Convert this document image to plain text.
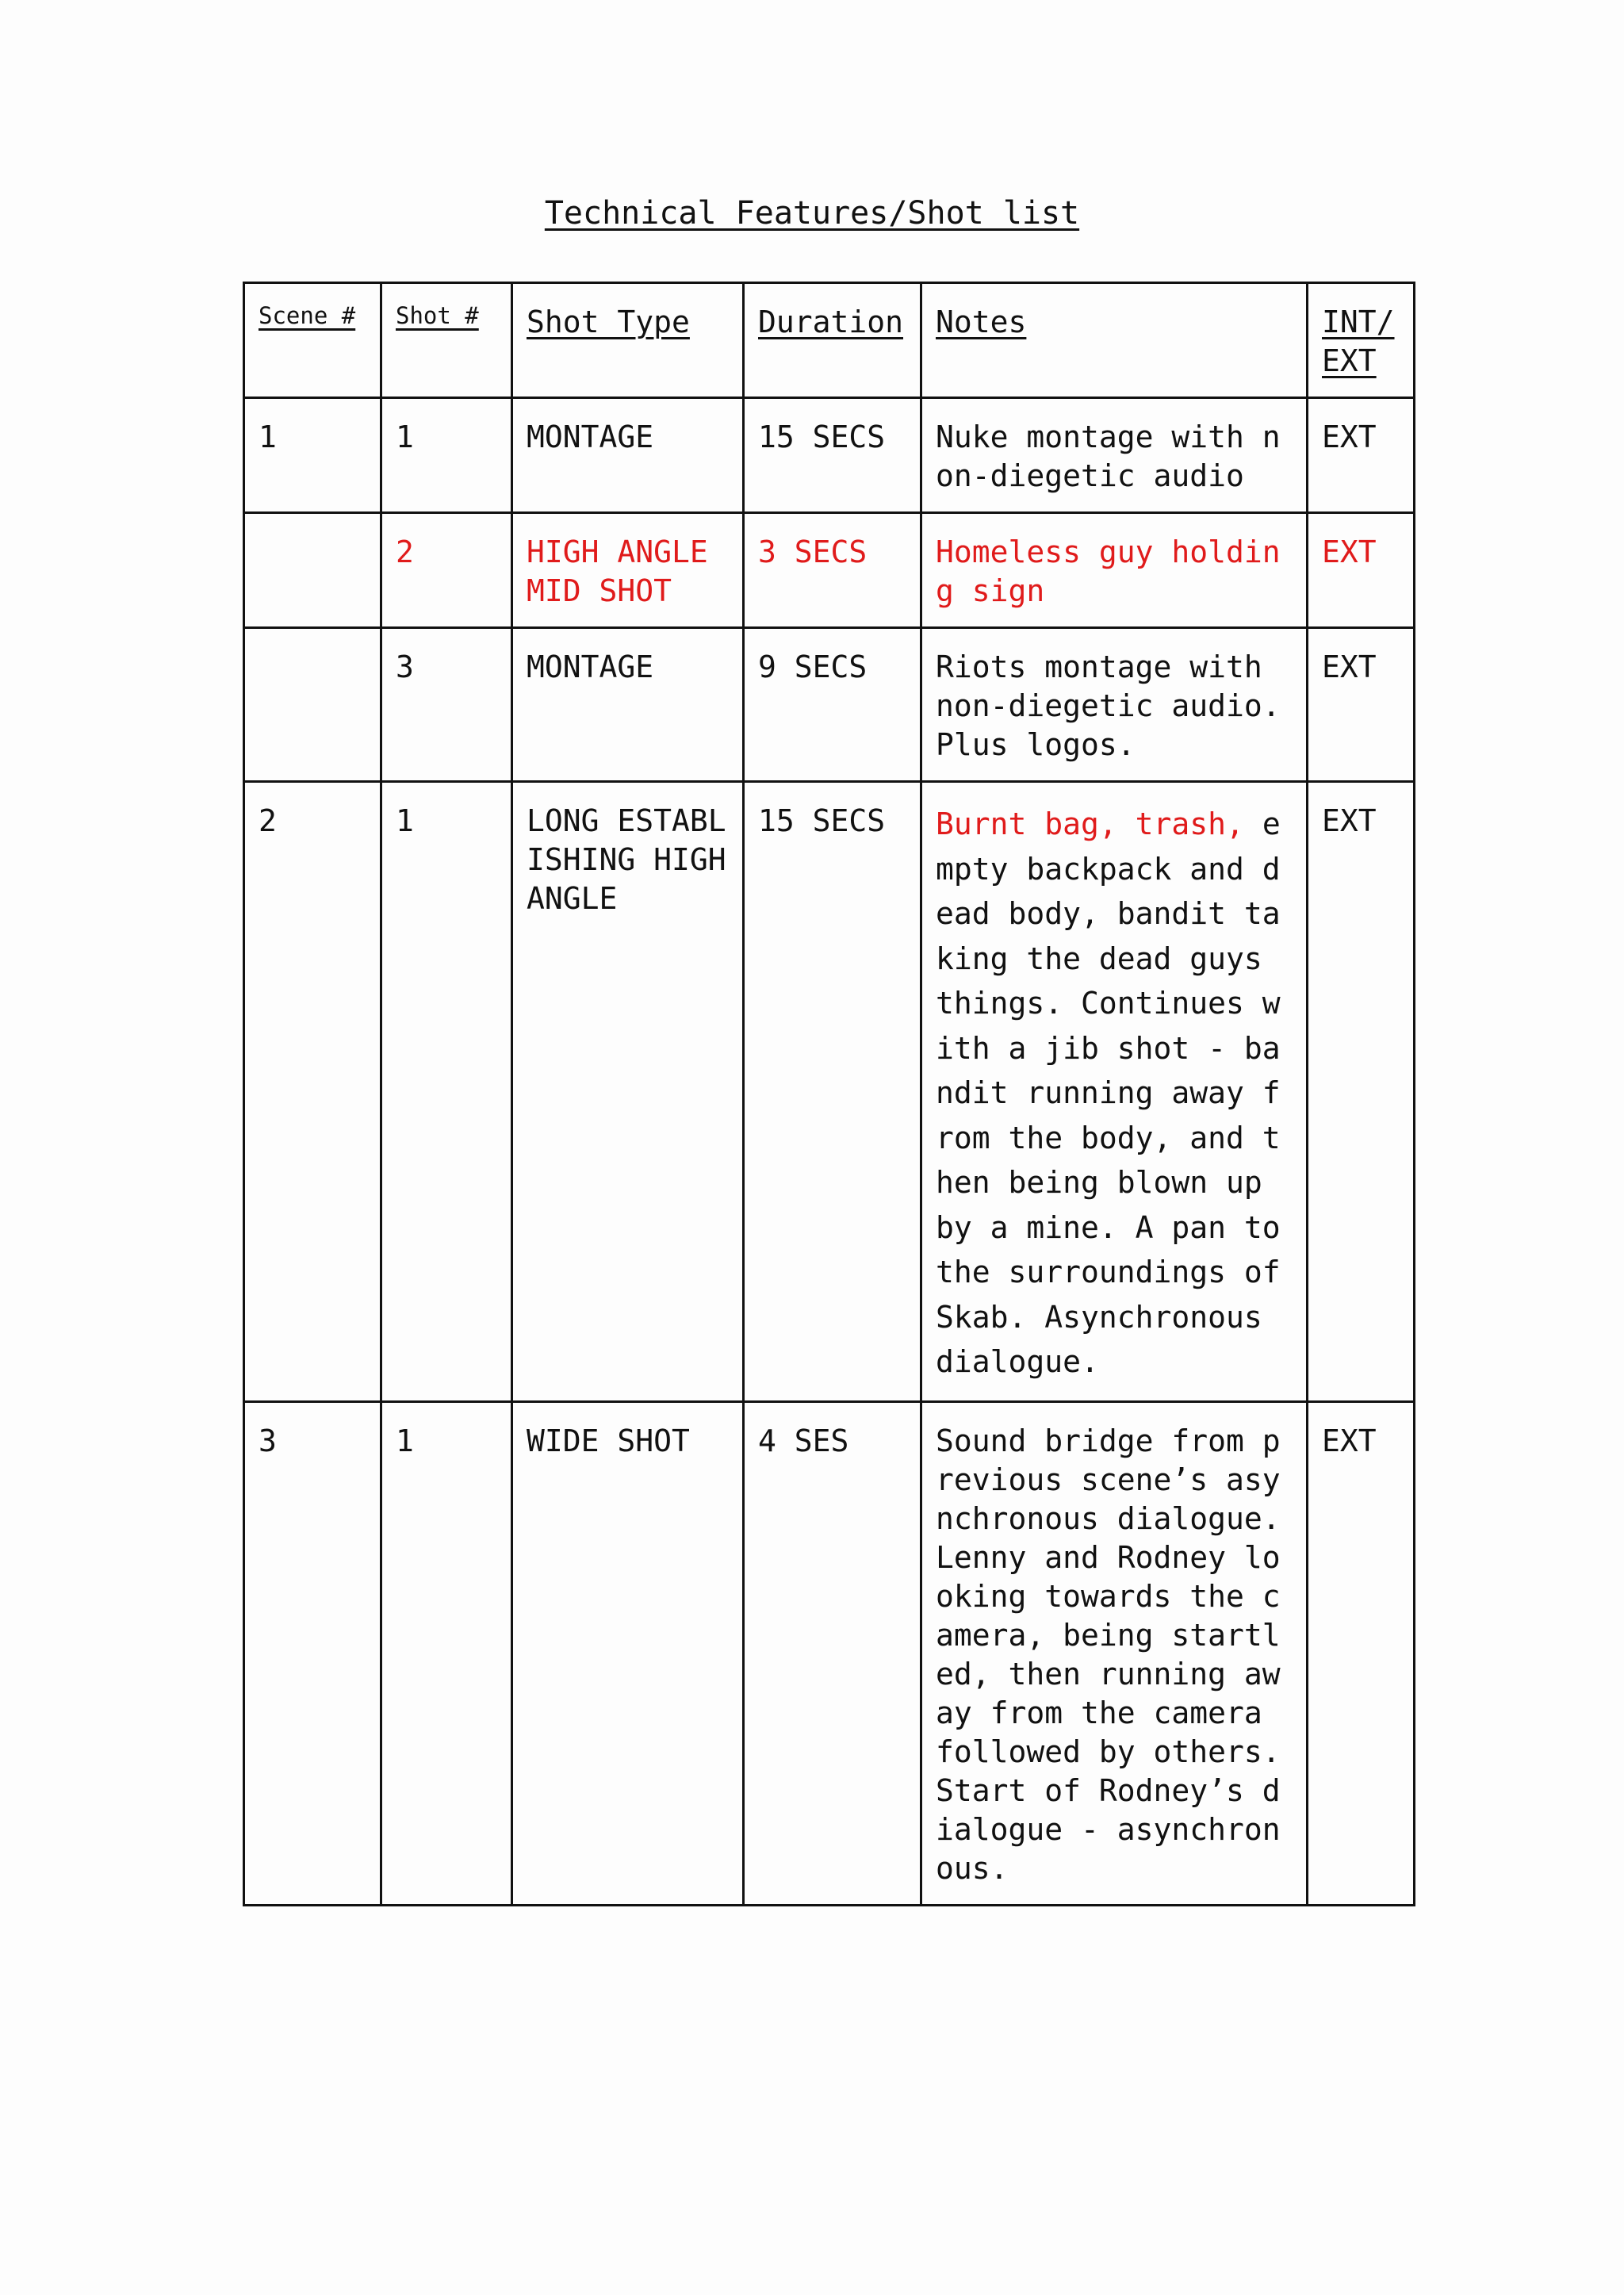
Technical Features/Shot list
Scene #	Shot #	Shot Type	Duration	Notes	INT/ EXT
1	1	MONTAGE	15 SECS	Nuke montage with non-diegetic audio	EXT
	2	HIGH ANGLE MID SHOT	3 SECS	Homeless guy holding sign	EXT
	3	MONTAGE	9 SECS	Riots montage with non-diegetic audio. Plus logos.	EXT
2	1	LONG ESTABLISHING HIGH ANGLE	15 SECS	Burnt bag, trash, empty backpack and dead body, bandit taking the dead guys things. Continues with a jib shot - bandit running away from the body, and then being blown up by a mine. A pan to the surroundings of Skab. Asynchronous dialogue.	EXT
3	1	WIDE SHOT	4 SES	Sound bridge from previous scene’s asynchronous dialogue. Lenny and Rodney looking towards the camera, being startled, then running away from the camera followed by others. Start of Rodney’s dialogue - asynchronous.	EXT
